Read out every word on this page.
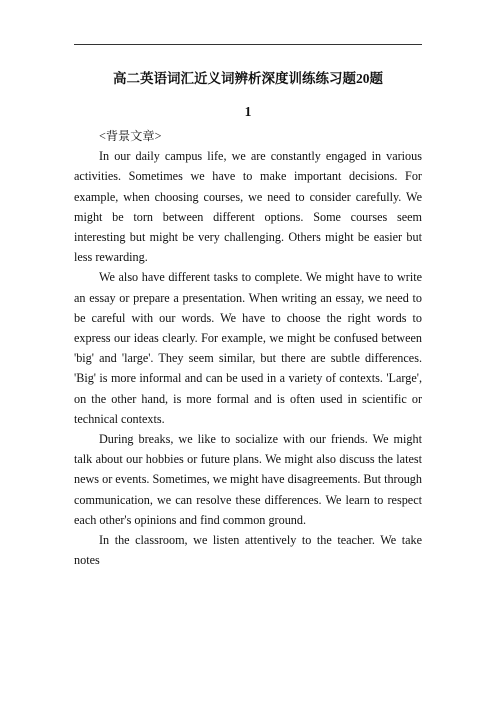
高二英语词汇近义词辨析深度训练练习题20题
1

<背景文章>

In our daily campus life, we are constantly engaged in various activities. Sometimes we have to make important decisions. For example, when choosing courses, we need to consider carefully. We might be torn between different options. Some courses seem interesting but might be very challenging. Others might be easier but less rewarding.

We also have different tasks to complete. We might have to write an essay or prepare a presentation. When writing an essay, we need to be careful with our words. We have to choose the right words to express our ideas clearly. For example, we might be confused between 'big' and 'large'. They seem similar, but there are subtle differences. 'Big' is more informal and can be used in a variety of contexts. 'Large', on the other hand, is more formal and is often used in scientific or technical contexts.

During breaks, we like to socialize with our friends. We might talk about our hobbies or future plans. We might also discuss the latest news or events. Sometimes, we might have disagreements. But through communication, we can resolve these differences. We learn to respect each other's opinions and find common ground.

In the classroom, we listen attentively to the teacher. We take notes
